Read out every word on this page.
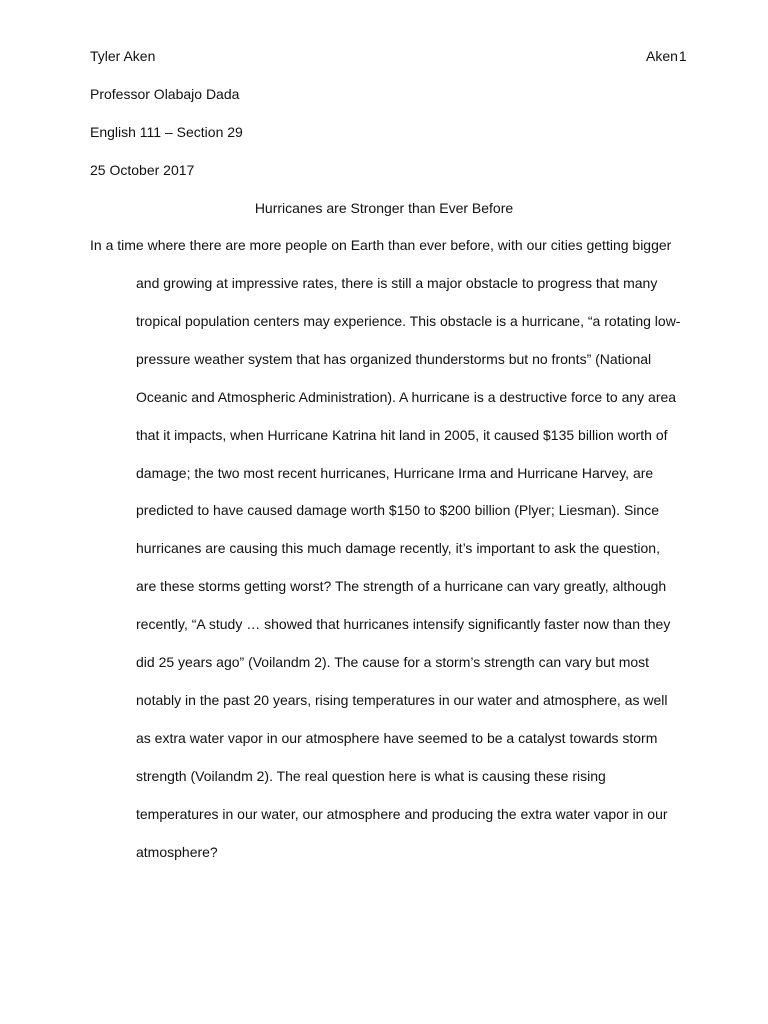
Tyler Aken	Aken1
Professor Olabajo Dada
English 111 – Section 29
25 October 2017
Hurricanes are Stronger than Ever Before
In a time where there are more people on Earth than ever before, with our cities getting bigger
and growing at impressive rates, there is still a major obstacle to progress that many
tropical population centers may experience. This obstacle is a hurricane, “a rotating low-
pressure weather system that has organized thunderstorms but no fronts” (National
Oceanic and Atmospheric Administration). A hurricane is a destructive force to any area
that it impacts, when Hurricane Katrina hit land in 2005, it caused $135 billion worth of
damage; the two most recent hurricanes, Hurricane Irma and Hurricane Harvey, are
predicted to have caused damage worth $150 to $200 billion (Plyer; Liesman). Since
hurricanes are causing this much damage recently, it’s important to ask the question,
are these storms getting worst? The strength of a hurricane can vary greatly, although
recently, “A study … showed that hurricanes intensify significantly faster now than they
did 25 years ago” (Voilandm 2). The cause for a storm’s strength can vary but most
notably in the past 20 years, rising temperatures in our water and atmosphere, as well
as extra water vapor in our atmosphere have seemed to be a catalyst towards storm
strength (Voilandm 2). The real question here is what is causing these rising
temperatures in our water, our atmosphere and producing the extra water vapor in our
atmosphere?
